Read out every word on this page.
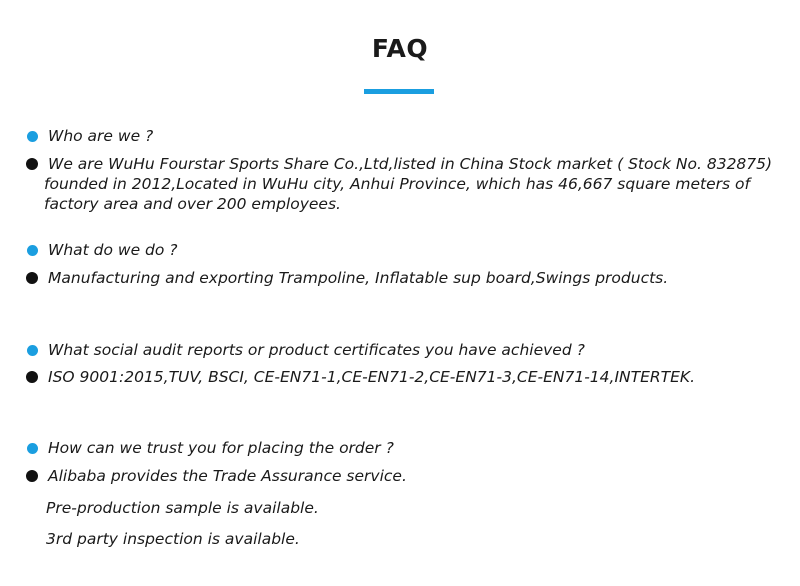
FAQ
Who are we ?
We are WuHu Fourstar Sports Share Co.,Ltd,listed in China Stock market ( Stock No. 832875)
founded in 2012,Located in WuHu city, Anhui Province, which has 46,667 square meters of
factory area and over 200 employees.
What do we do ?
Manufacturing and exporting Trampoline, Inflatable sup board,Swings products.
What social audit reports or product certificates you have achieved ?
ISO 9001:2015,TUV, BSCI, CE-EN71-1,CE-EN71-2,CE-EN71-3,CE-EN71-14,INTERTEK.
How can we trust you for placing the order ?
Alibaba provides the Trade Assurance service.
Pre-production sample is available.
3rd party inspection is available.
